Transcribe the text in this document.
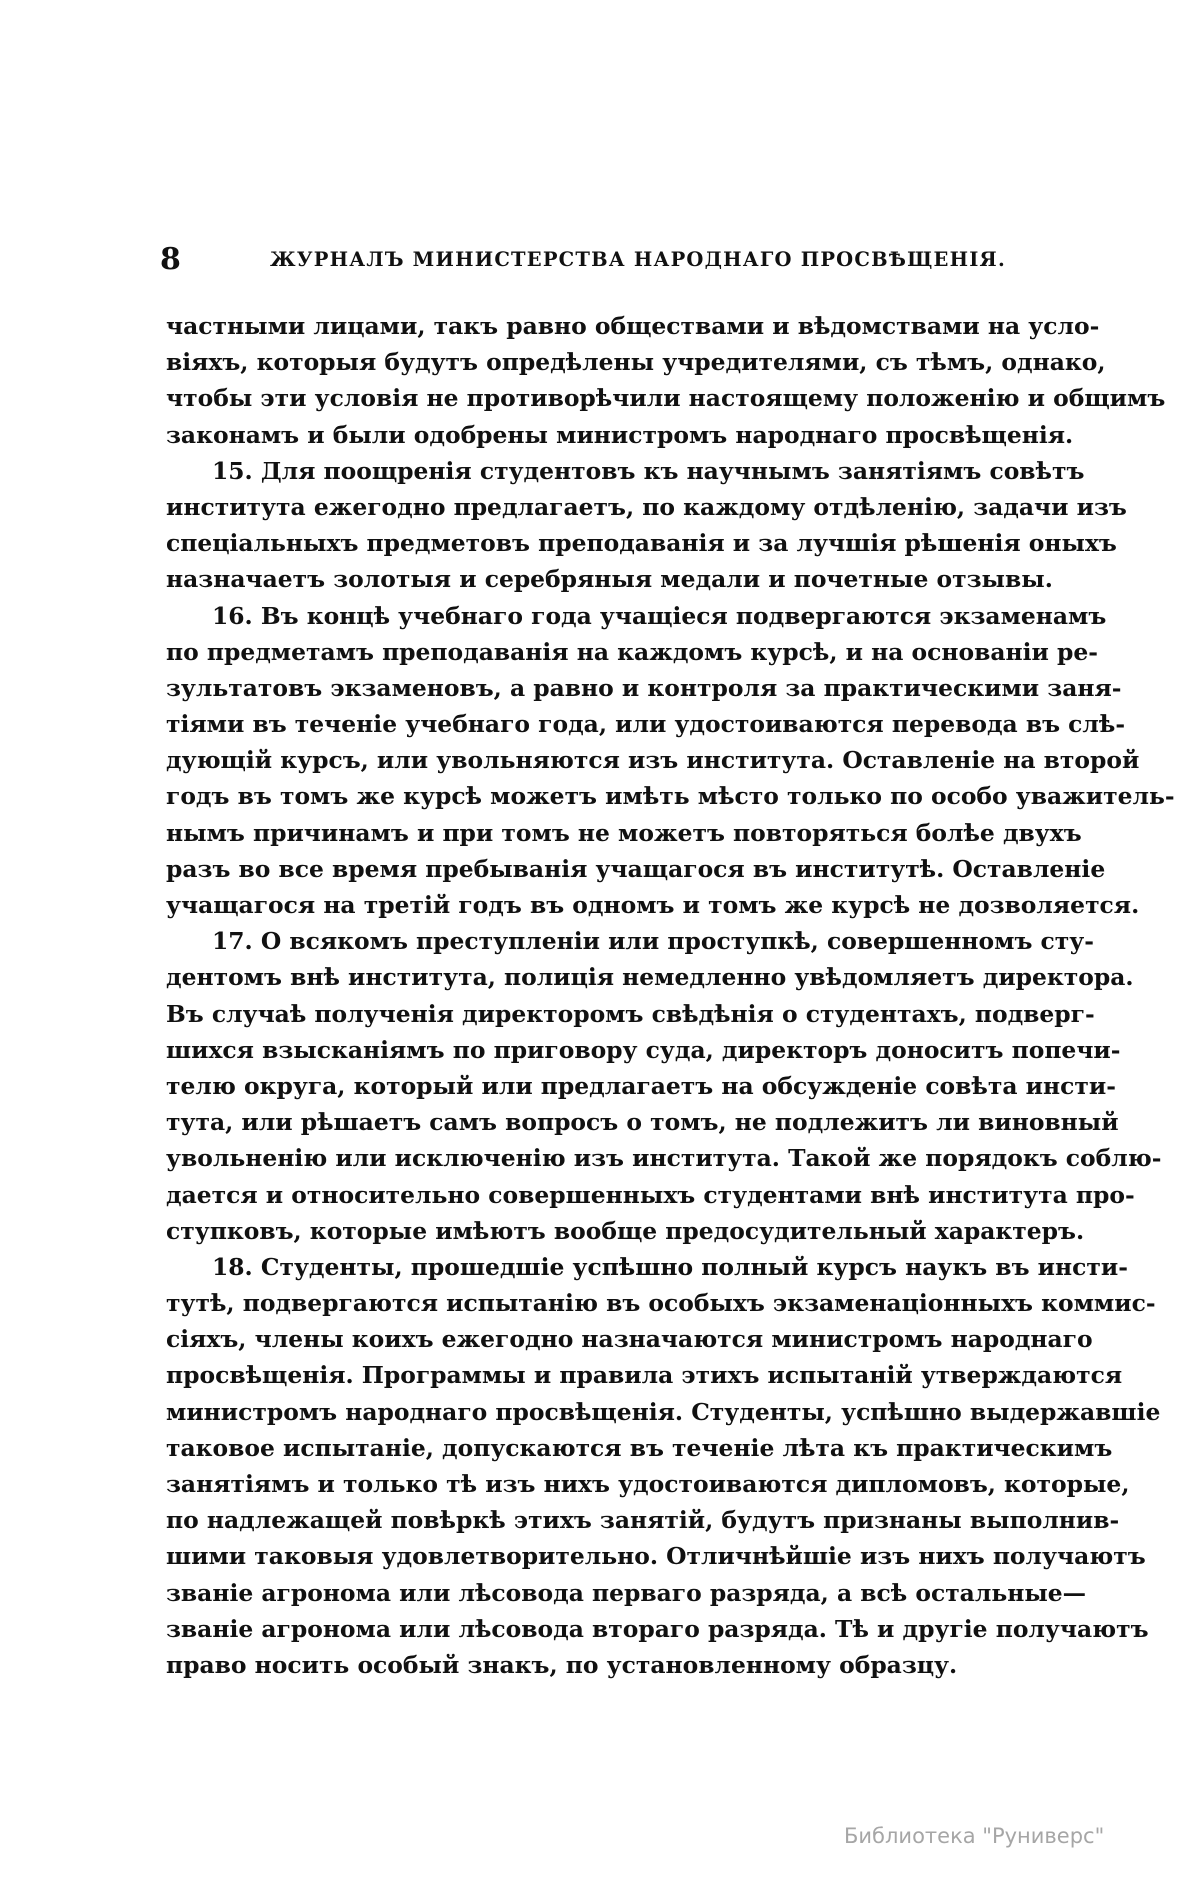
8	ЖУРНАЛЪ МИНИСТЕРСТВА НАРОДНАГО ПРОСВѢЩЕНІЯ.
частными лицами, такъ равно обществами и вѣдомствами на усло-
віяхъ, которыя будутъ опредѣлены учредителями, съ тѣмъ, однако,
чтобы эти условія не противорѣчили настоящему положенію и общимъ
законамъ и были одобрены министромъ народнаго просвѣщенія.
15. Для поощренія студентовъ къ научнымъ занятіямъ совѣтъ
института ежегодно предлагаетъ, по каждому отдѣленію, задачи изъ
спеціальныхъ предметовъ преподаванія и за лучшія рѣшенія оныхъ
назначаетъ золотыя и серебряныя медали и почетные отзывы.
16. Въ концѣ учебнаго года учащіеся подвергаются экзаменамъ
по предметамъ преподаванія на каждомъ курсѣ, и на основаніи ре-
зультатовъ экзаменовъ, а равно и контроля за практическими заня-
тіями въ теченіе учебнаго года, или удостоиваются перевода въ слѣ-
дующій курсъ, или увольняются изъ института. Оставленіе на второй
годъ въ томъ же курсѣ можетъ имѣть мѣсто только по особо уважитель-
нымъ причинамъ и при томъ не можетъ повторяться болѣе двухъ
разъ во все время пребыванія учащагося въ институтѣ. Оставленіе
учащагося на третій годъ въ одномъ и томъ же курсѣ не дозволяется.
17. О всякомъ преступленіи или проступкѣ, совершенномъ сту-
дентомъ внѣ института, полиція немедленно увѣдомляетъ директора.
Въ случаѣ полученія директоромъ свѣдѣнія о студентахъ, подверг-
шихся взысканіямъ по приговору суда, директоръ доноситъ попечи-
телю округа, который или предлагаетъ на обсужденіе совѣта инсти-
тута, или рѣшаетъ самъ вопросъ о томъ, не подлежитъ ли виновный
увольненію или исключенію изъ института. Такой же порядокъ соблю-
дается и относительно совершенныхъ студентами внѣ института про-
ступковъ, которые имѣютъ вообще предосудительный характеръ.
18. Студенты, прошедшіе успѣшно полный курсъ наукъ въ инсти-
тутѣ, подвергаются испытанію въ особыхъ экзаменаціонныхъ коммис-
сіяхъ, члены коихъ ежегодно назначаются министромъ народнаго
просвѣщенія. Программы и правила этихъ испытаній утверждаются
министромъ народнаго просвѣщенія. Студенты, успѣшно выдержавшіе
таковое испытаніе, допускаются въ теченіе лѣта къ практическимъ
занятіямъ и только тѣ изъ нихъ удостоиваются дипломовъ, которые,
по надлежащей повѣркѣ этихъ занятій, будутъ признаны выполнив-
шими таковыя удовлетворительно. Отличнѣйшіе изъ нихъ получаютъ
званіе агронома или лѣсовода перваго разряда, а всѣ остальные—
званіе агронома или лѣсовода втораго разряда. Тѣ и другіе получаютъ
право носить особый знакъ, по установленному образцу.
Библиотека "Руниверс"
